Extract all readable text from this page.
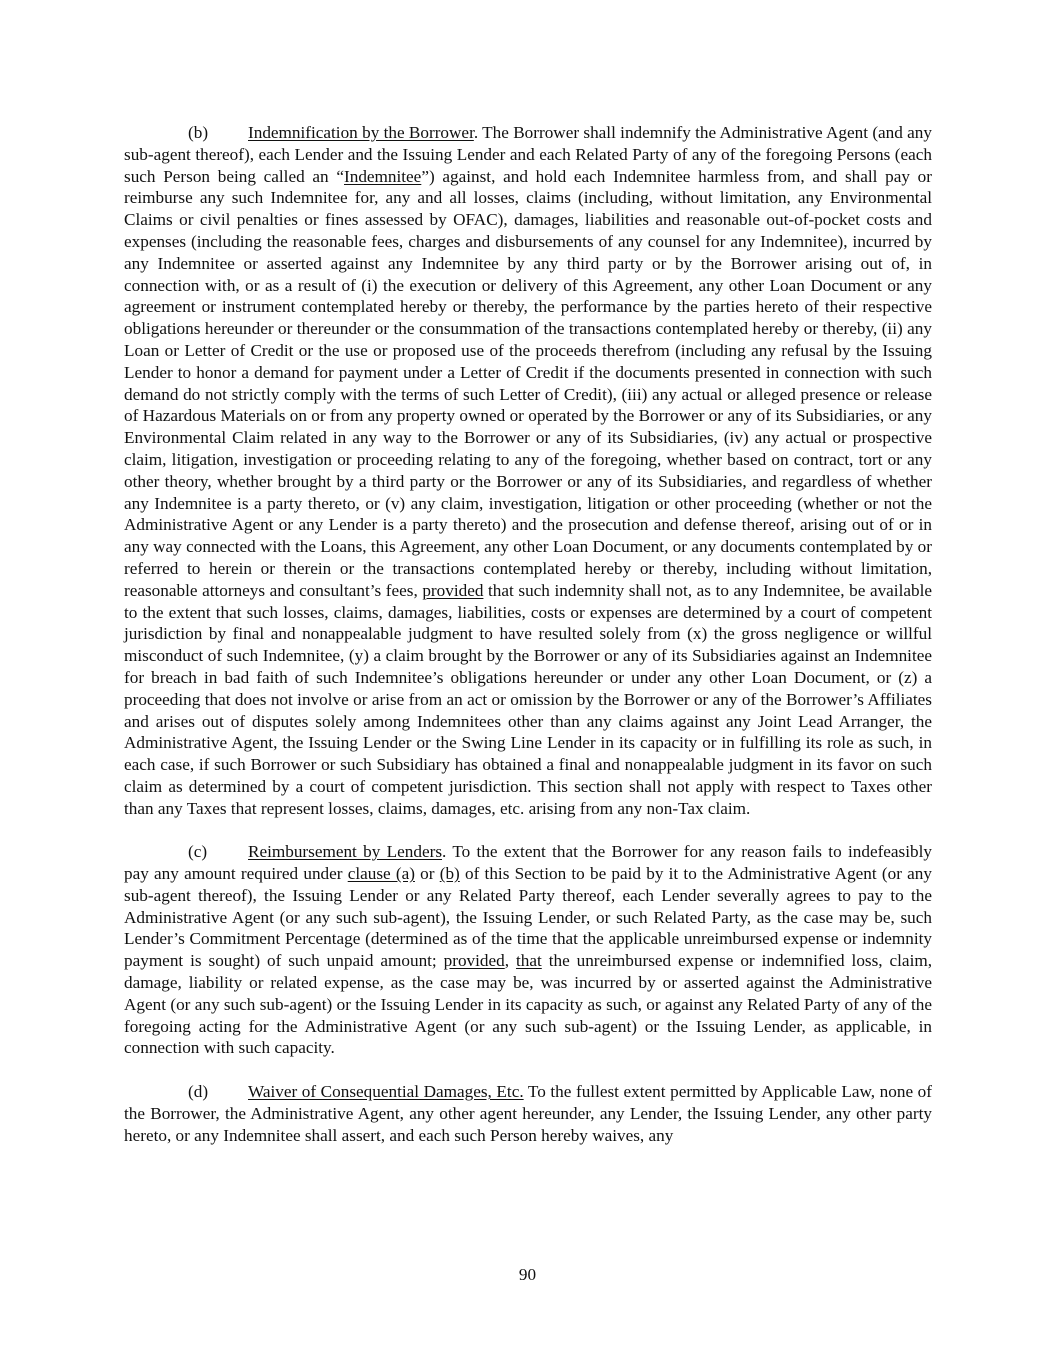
(b) Indemnification by the Borrower. The Borrower shall indemnify the Administrative Agent (and any sub-agent thereof), each Lender and the Issuing Lender and each Related Party of any of the foregoing Persons (each such Person being called an “Indemnitee”) against, and hold each Indemnitee harmless from, and shall pay or reimburse any such Indemnitee for, any and all losses, claims (including, without limitation, any Environmental Claims or civil penalties or fines assessed by OFAC), damages, liabilities and reasonable out-of-pocket costs and expenses (including the reasonable fees, charges and disbursements of any counsel for any Indemnitee), incurred by any Indemnitee or asserted against any Indemnitee by any third party or by the Borrower arising out of, in connection with, or as a result of (i) the execution or delivery of this Agreement, any other Loan Document or any agreement or instrument contemplated hereby or thereby, the performance by the parties hereto of their respective obligations hereunder or thereunder or the consummation of the transactions contemplated hereby or thereby, (ii) any Loan or Letter of Credit or the use or proposed use of the proceeds therefrom (including any refusal by the Issuing Lender to honor a demand for payment under a Letter of Credit if the documents presented in connection with such demand do not strictly comply with the terms of such Letter of Credit), (iii) any actual or alleged presence or release of Hazardous Materials on or from any property owned or operated by the Borrower or any of its Subsidiaries, or any Environmental Claim related in any way to the Borrower or any of its Subsidiaries, (iv) any actual or prospective claim, litigation, investigation or proceeding relating to any of the foregoing, whether based on contract, tort or any other theory, whether brought by a third party or the Borrower or any of its Subsidiaries, and regardless of whether any Indemnitee is a party thereto, or (v) any claim, investigation, litigation or other proceeding (whether or not the Administrative Agent or any Lender is a party thereto) and the prosecution and defense thereof, arising out of or in any way connected with the Loans, this Agreement, any other Loan Document, or any documents contemplated by or referred to herein or therein or the transactions contemplated hereby or thereby, including without limitation, reasonable attorneys and consultant’s fees, provided that such indemnity shall not, as to any Indemnitee, be available to the extent that such losses, claims, damages, liabilities, costs or expenses are determined by a court of competent jurisdiction by final and nonappealable judgment to have resulted solely from (x) the gross negligence or willful misconduct of such Indemnitee, (y) a claim brought by the Borrower or any of its Subsidiaries against an Indemnitee for breach in bad faith of such Indemnitee’s obligations hereunder or under any other Loan Document, or (z) a proceeding that does not involve or arise from an act or omission by the Borrower or any of the Borrower’s Affiliates and arises out of disputes solely among Indemnitees other than any claims against any Joint Lead Arranger, the Administrative Agent, the Issuing Lender or the Swing Line Lender in its capacity or in fulfilling its role as such, in each case, if such Borrower or such Subsidiary has obtained a final and nonappealable judgment in its favor on such claim as determined by a court of competent jurisdiction. This section shall not apply with respect to Taxes other than any Taxes that represent losses, claims, damages, etc. arising from any non-Tax claim.

(c) Reimbursement by Lenders. To the extent that the Borrower for any reason fails to indefeasibly pay any amount required under clause (a) or (b) of this Section to be paid by it to the Administrative Agent (or any sub-agent thereof), the Issuing Lender or any Related Party thereof, each Lender severally agrees to pay to the Administrative Agent (or any such sub-agent), the Issuing Lender, or such Related Party, as the case may be, such Lender’s Commitment Percentage (determined as of the time that the applicable unreimbursed expense or indemnity payment is sought) of such unpaid amount; provided, that the unreimbursed expense or indemnified loss, claim, damage, liability or related expense, as the case may be, was incurred by or asserted against the Administrative Agent (or any such sub-agent) or the Issuing Lender in its capacity as such, or against any Related Party of any of the foregoing acting for the Administrative Agent (or any such sub-agent) or the Issuing Lender, as applicable, in connection with such capacity.

(d) Waiver of Consequential Damages, Etc. To the fullest extent permitted by Applicable Law, none of the Borrower, the Administrative Agent, any other agent hereunder, any Lender, the Issuing Lender, any other party hereto, or any Indemnitee shall assert, and each such Person hereby waives, any

90
